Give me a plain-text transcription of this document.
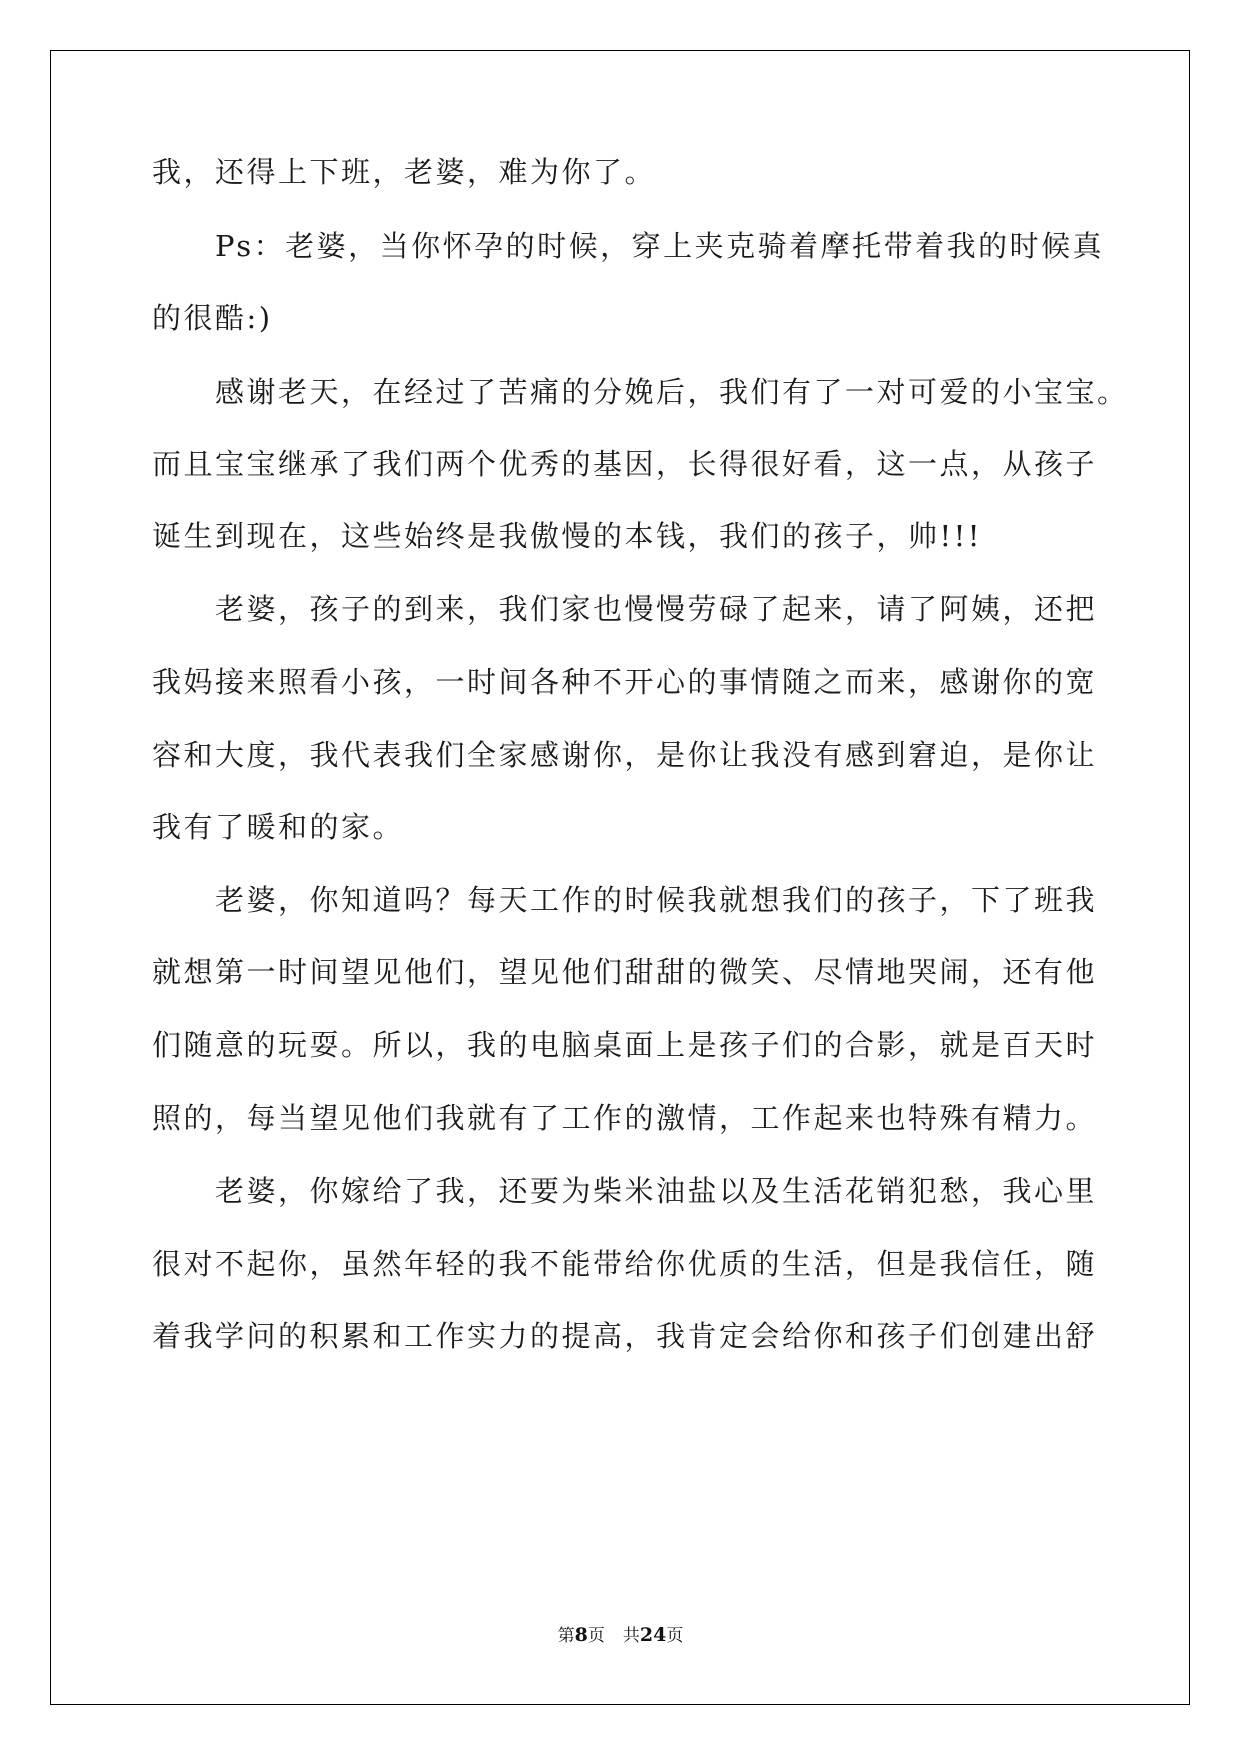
我，还得上下班，老婆，难为你了。
Ps：老婆，当你怀孕的时候，穿上夹克骑着摩托带着我的时候真
的很酷:)
感谢老天，在经过了苦痛的分娩后，我们有了一对可爱的小宝宝。
而且宝宝继承了我们两个优秀的基因，长得很好看，这一点，从孩子
诞生到现在，这些始终是我傲慢的本钱，我们的孩子，帅!!!
老婆，孩子的到来，我们家也慢慢劳碌了起来，请了阿姨，还把
我妈接来照看小孩，一时间各种不开心的事情随之而来，感谢你的宽
容和大度，我代表我们全家感谢你，是你让我没有感到窘迫，是你让
我有了暖和的家。
老婆，你知道吗？每天工作的时候我就想我们的孩子，下了班我
就想第一时间望见他们，望见他们甜甜的微笑、尽情地哭闹，还有他
们随意的玩耍。所以，我的电脑桌面上是孩子们的合影，就是百天时
照的，每当望见他们我就有了工作的激情，工作起来也特殊有精力。
老婆，你嫁给了我，还要为柴米油盐以及生活花销犯愁，我心里
很对不起你，虽然年轻的我不能带给你优质的生活，但是我信任，随
着我学问的积累和工作实力的提高，我肯定会给你和孩子们创建出舒
第8页 共24页
